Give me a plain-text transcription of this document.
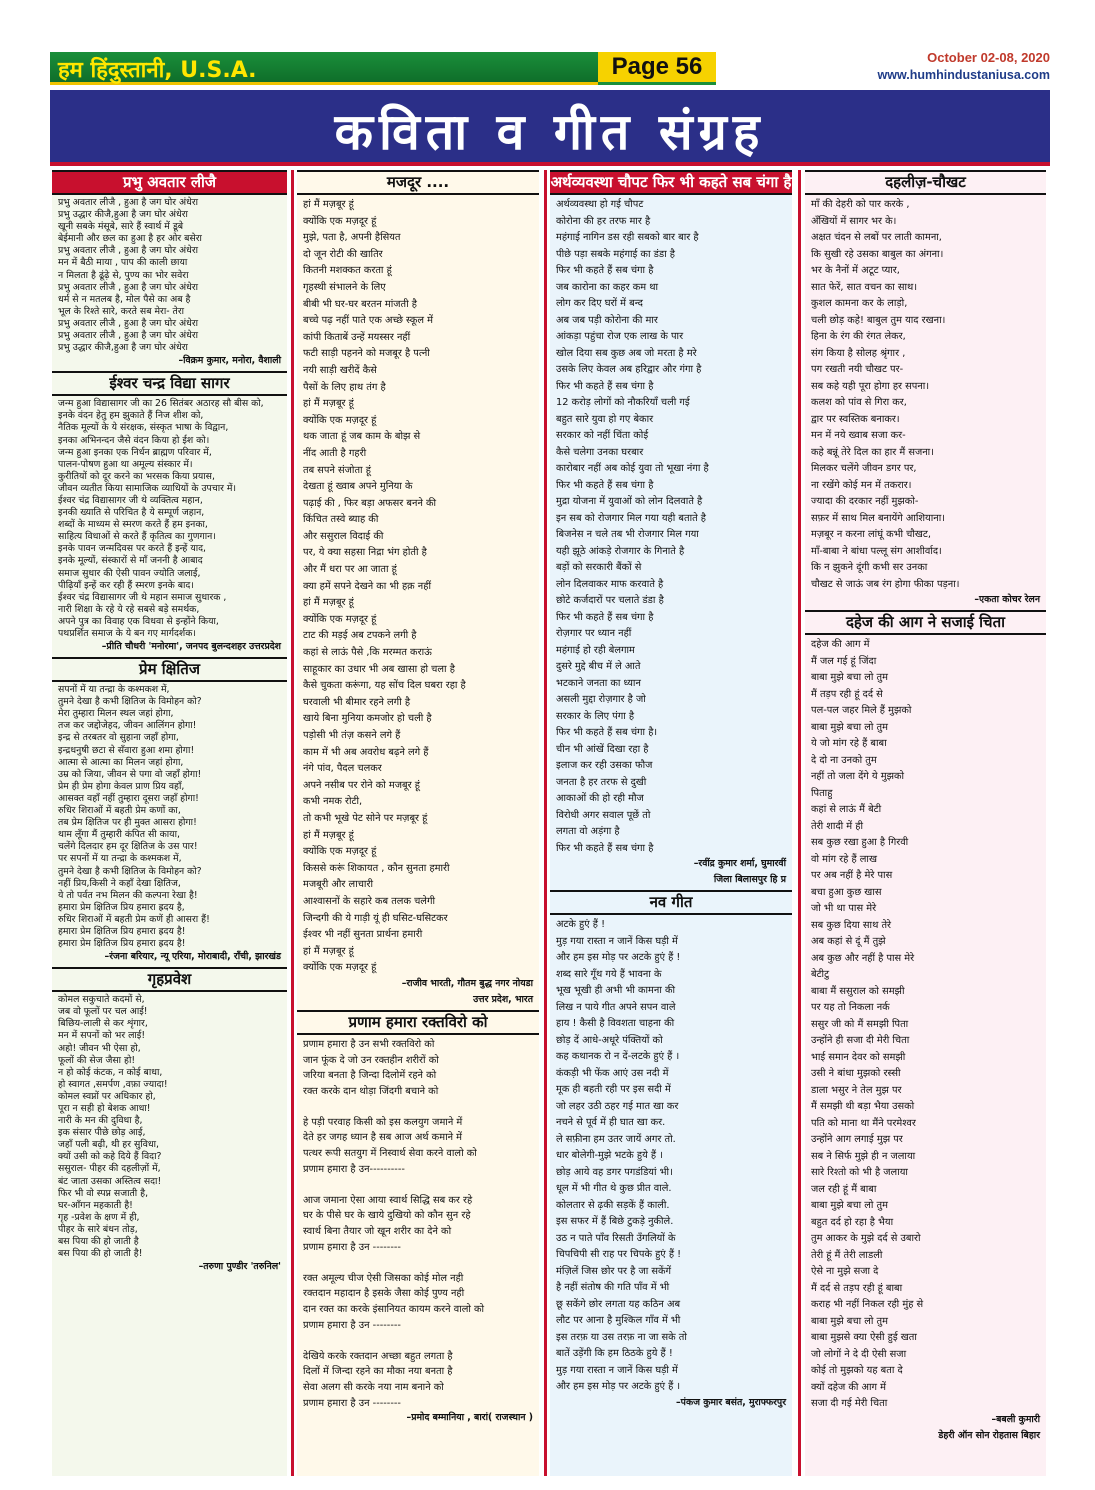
हम हिंदुस्तानी, U.S.A.	Page 56	October 02-08, 2020
www.humhindustaniusa.com
कविता व गीत संग्रह
प्रभु अवतार लीजै
प्रभु अवतार लीजै , हुआ है जग घोर अंधेरा
प्रभु उद्धार कीजै,हुआ है जग घोर अंधेरा
खूनी सबके मंसूबे, सारे हैं स्वार्थ में डूबे
बेईमानी और छल का हुआ है हर ओर बसेरा
प्रभु अवतार लीजै , हुआ है जग घोर अंधेरा
मन में बैठी माया , पाप की काली छाया
न मिलता है ढूंढ़े से, पुण्य का भोर सवेरा
प्रभु अवतार लीजै , हुआ है जग घोर अंधेरा
धर्म से न मतलब है, मोल पैसे का अब है
भूल के रिश्ते सारे, करते सब मेरा- तेरा
प्रभु अवतार लीजै , हुआ है जग घोर अंधेरा
प्रभु अवतार लीजै , हुआ है जग घोर अंधेरा
प्रभु उद्धार कीजै,हुआ है जग घोर अंधेरा
–विक्रम कुमार, मनोरा, वैशाली
ईश्वर चन्द्र विद्या सागर
जन्म हुआ विद्यासागर जी का 26 सितंबर अठारह सौ बीस को,
इनके वंदन हेतु हम झुकाते हैं निज शीश को,
नैतिक मूल्यों के ये संरक्षक, संस्कृत भाषा के विद्वान,
इनका अभिनन्दन जैसे वंदन किया हो ईश को।
जन्म हुआ इनका एक निर्धन ब्राह्मण परिवार में,
पालन-पोषण हुआ था अमूल्य संस्कार में।
कुरीतियों को दूर करने का भरसक किया प्रयास,
जीवन व्यतीत किया सामाजिक व्याधियों के उपचार में।
ईश्वर चंद्र विद्यासागर जी थे व्यक्तित्व महान,
इनकी ख्याति से परिचित है ये सम्पूर्ण जहान,
शब्दों के माध्यम से स्मरण करते हैं हम इनका,
साहित्य विधाओं से करते हैं कृतित्व का गुणगान।
इनके पावन जन्मदिवस पर करते हैं इन्हें याद,
इनके मूल्यों, संस्कारों से माँ जननी है आबाद
समाज सुधार की ऐसी पावन ज्योति जलाई,
पीढ़ियाँ इन्हें कर रही हैं स्मरण इनके बाद।
ईश्वर चंद्र विद्यासागर जी थे महान समाज सुधारक ,
नारी शिक्षा के रहे ये रहे सबसे बड़े समर्थक,
अपने पुत्र का विवाह एक विधवा से इन्होंने किया,
पथप्रर्शित समाज के ये बन गए मार्गदर्शक।
–प्रीति चौधरी 'मनोरमा', जनपद बुलन्दशहर उत्तरप्रदेश
प्रेम क्षितिज
सपनों में या तन्द्रा के कश्मकश में,
तुमने देखा है कभी क्षितिज के विमोहन को?
मेरा तुम्हारा मिलन स्थल जहां होगा,
तज कर जद्दोजेहद, जीवन आलिंगन होगा!
इन्द्र से तरबतर वो सुहाना जहाँ होगा,
इन्द्रधनुषी छटा से सँवारा हुआ शमा होगा!
आत्मा से आत्मा का मिलन जहां होगा,
उम्र को जिया, जीवन से पगा वो जहाँ होगा!
प्रेम ही प्रेम होगा केवल प्राण प्रिय वहाँ,
आसक्त वहाँ नहीं तुम्हारा दूसरा जहाँ होगा!
रुधिर शिराओं में बहती प्रेम कणों का,
तब प्रेम क्षितिज पर ही मुक्त आसरा होगा!
थाम लूँगा मैं तुम्हारी कंपित सी काया,
चलेंगे दिलदार हम दूर क्षितिज के उस पार!
पर सपनों में या तन्द्रा के कश्मकश में,
तुमने देखा है कभी क्षितिज के विमोहन को?
नहीं प्रिय,किसी ने कहाँ देखा क्षितिज,
ये तो पर्वत नभ मिलन की कल्पना रेखा है!
हमारा प्रेम क्षितिज प्रिय हमारा ह्रदय है,
रुधिर शिराओं में बहती प्रेम कणें ही आसरा हैं!
हमारा प्रेम क्षितिज प्रिय हमारा ह्रदय है!
हमारा प्रेम क्षितिज प्रिय हमारा ह्रदय है!
–रंजना बरियार, न्यू एरिया, मोराबादी, राँची, झारखंड
गृहप्रवेश
कोमल सकुचाते कदमों से,
जब वो फूलों पर चल आई!
बिछिय-लाली से कर शृंगार,
मन में सपनों को भर लाई!
अहो! जीवन भी ऐसा हो,
फूलों की सेज जैसा हो!
न हो कोई कंटक, न कोई बाधा,
हो स्वागत ,समर्पण ,वफ़ा ज्यादा!
कोमल स्वप्नों पर अधिकार हो,
पूरा न सही हो बेशक आधा!
नारी के मन की दुविधा है,
इक संसार पीछे छोड़ आई,
जहाँ पली बढ़ी, थी हर सुविधा,
क्यों उसी को कहे दिये हैं विदा?
ससुराल- पीहर की दहलीज़ों में,
बंट जाता उसका अस्तित्व सदा!
फिर भी वो स्पप्न सजाती है,
घर-आँगन महकाती है!
गृह -प्रवेश के क्षण में ही,
पीहर के सारे बंधन तोड़,
बस पिया की हो जाती है
बस पिया की हो जाती है!
–तरुणा पुण्डीर 'तरुनिल'
मजदूर ....
हां मैं मज़बूर हूं
क्योंकि एक मज़दूर हूं
मुझे, पता है, अपनी हैसियत
दो जून रोटी की खातिर
कितनी मशक्कत करता हूं
गृहस्थी संभालने के लिए
बीबी भी घर-घर बरतन मांजती है
बच्चे पढ़ नहीं पाते एक अच्छे स्कूल में
कांपी किताबें उन्हें मयस्सर नहीं
फटी साड़ी पहनने को मजबूर है पत्नी
नयी साड़ी खरीदें कैसे
पैसों के लिए हाथ तंग है
हां मैं मज़बूर हूं
क्योंकि एक मज़दूर हूं
थक जाता हूं जब काम के बोझ से
नींद आती है गहरी
तब सपने संजोता हूं
देखता हूं ख्वाब अपने मुनिया के
पढ़ाई की , फिर बड़ा अफसर बनने की
किंचित तस्वे ब्याह की
और ससुराल विदाई की
पर, ये क्या सहसा निद्रा भंग होती है
और मैं धरा पर आ जाता हूं
क्या हमें सपने देखने का भी हक़ नहीं
हां मैं मज़बूर हूं
क्योंकि एक मज़दूर हूं
टाट की मड़ई अब टपकने लगी है
कहां से लाऊं पैसे ,कि मरम्मत कराऊं
साहूकार का उधार भी अब खासा हो चला है
कैसे चुकता करूंगा, यह सोंच दिल घबरा रहा है
घरवाली भी बीमार रहने लगी है
खाये बिना मुनिया कमजोर हो चली है
पड़ोसी भी तंज़ कसने लगे हैं
काम में भी अब अवरोध बढ़ने लगे हैं
नंगे पांव, पैदल चलकर
अपने नसीब पर रोने को मजबूर हूं
कभी नमक रोटी,
तो कभी भूखे पेट सोने पर मज़बूर हूं
हां मैं मज़बूर हूं
क्योंकि एक मज़दूर हूं
किससे करूं शिकायत , कौन सुनता हमारी
मजबूरी और लाचारी
आश्वासनों के सहारे कब तलक चलेगी
जिन्दगी की ये गाड़ी यूं ही घसिट-घसिटकर
ईश्वर भी नहीं सुनता प्रार्थना हमारी
हां मैं मज़बूर हूं
क्योंकि एक मज़दूर हूं
–राजीव भारती, गौतम बुद्ध नगर नोयडा
उत्तर प्रदेश, भारत
प्रणाम हमारा रक्तविरो को
प्रणाम हमारा है उन सभी रक्तविरो को
जान फूंक दे जो उन रक्तहीन शरीरों को
जरिया बनता है जिन्दा दिलोमें रहने को
रक्त करके दान थोड़ा जिंदगी बचाने को

हे पड़ी परवाह किसी को इस कलयुग जमाने में
देते हर जगह ध्यान है सब आज अर्थ कमाने में
पत्थर रूपी सतयुग में निस्वार्थ सेवा करने वालो को
प्रणाम हमारा है उन----------

आज जमाना ऐसा आया स्वार्थ सिद्धि सब कर रहे
घर के पीसे घर के खाये दुखियो को कौन सुन रहे
स्वार्थ बिना तैयार जो खून शरीर का देने को
प्रणाम हमारा है उन --------

रक्त अमूल्य चीज ऐसी जिसका कोई मोल नही
रक्तदान महादान है इसके जैसा कोई पुण्य नही
दान रक्त का करके इंसानियत कायम करने वालो को
प्रणाम हमारा है उन --------

देखिये करके रक्तदान अच्छा बहुत लगता है
दिलों में जिन्दा रहने का मौका नया बनता है
सेवा अलग सी करके नया नाम बनाने को
प्रणाम हमारा है उन --------
–प्रमोद बम्मानिया , बारां( राजस्थान )
अर्थव्यवस्था चौपट फिर भी कहते सब चंगा है
अर्थव्यवस्था हो गई चौपट
कोरोना की हर तरफ मार है
महंगाई नागिन डस रही सबको बार बार है
पीछे पड़ा सबके महंगाई का डंडा है
फिर भी कहते हैं सब चंगा है
जब कारोना का कहर कम था
लोग कर दिए घरों में बन्द
अब जब पड़ी कोरोना की मार
आंकड़ा पहुंचा रोज एक लाख के पार
खोल दिया सब कुछ अब जो मरता है मरे
उसके लिए केवल अब हरिद्वार और गंगा है
फिर भी कहते हैं सब चंगा है
12 करोड़ लोगों को नौकरियाँ चली गई
बहुत सारे युवा हो गए बेकार
सरकार को नहीं चिंता कोई
कैसे चलेगा उनका घरबार
कारोबार नहीं अब कोई युवा तो भूखा नंगा है
फिर भी कहते हैं सब चंगा है
मुद्रा योजना में युवाओं को लोन दिलवाते है
इन सब को रोजगार मिल गया यही बताते है
बिजनेस न चले तब भी रोजगार मिल गया
यही झूठे आंकड़े रोजगार के गिनाते है
बड़ों को सरकारी बैंकों से
लोन दिलवाकर माफ करवाते है
छोटे कर्जदारों पर चलाते डंडा है
फिर भी कहते हैं सब चंगा है
रोज़गार पर ध्यान नहीं
महंगाई हो रही बेलगाम
दुसरे मुद्दे बीच में ले आते
भटकाने जनता का ध्यान
असली मुद्दा रोज़गार है जो
सरकार के लिए पंगा है
फिर भी कहते हैं सब चंगा है।
चीन भी आंखें दिखा रहा है
इलाज कर रही उसका फौज
जनता है हर तरफ से दुखी
आकाओं की हो रही मौज
विरोधी अगर सवाल पूछें तो
लगता वो अड़ंगा है
फिर भी कहते हैं सब चंगा है
–रवींद्र कुमार शर्मा, घुमारवीं
जिला बिलासपुर हि प्र
नव गीत
अटके हुएं हैं !
मुड़ गया रास्ता न जानें किस घड़ी में
और हम इस मोड़ पर अटके हुएं हैं !
शब्द सारे गूँथ गये हैं भावना के
भूख भूखी ही अभी भी कामना की
लिख न पाये गीत अपने सपन वाले
हाय ! कैसी है विवशता चाहना की
छोड़ दें आधे-अधूरे पंक्तियों को
कह कथानक रो न दें-लटके हुएं हैं ।
कंकड़ी भी फेंक आएं उस नदी में
मूक ही बहती रही पर इस सदी में
जो लहर उठी ठहर गई मात खा कर
नचने से पूर्व में ही घात खा कर.
ले सफ़ीना हम उतर जायें अगर तो.
धार बोलेगी-मुझे भटके हुये हैं ।
छोड़ आये वह डगर पगडंडियां भी।
धूल में भी गीत थे कुछ प्रीत वाले.
कोलतार से ढ़की सड़कें हैं काली.
इस सफर में हैं बिछे टुकड़े नुकीले.
उठ न पाते पाँव रिसती उँगलियों के
चिपचिपी सी राह पर चिपके हुएं हैं !
मंज़िलें जिस छोर पर है जा सकेंगें
है नहीं संतोष की गति पाँव में भी
छू सकेंगे छोर लगता यह कठिन अब
लौट पर आना है मुश्किल गाँव में भी
इस तरफ़ या उस तरफ़ ना जा सके तो
बातें उड़ेंगी कि हम ठिठके हुये हैं !
मुड़ गया रास्ता न जानें किस घड़ी में
और हम इस मोड़ पर अटके हुएं हैं ।
–पंकज कुमार बसंत, मुराफ्फरपुर
दहलीज़-चौखट
माँ की देहरी को पार करके ,
अँखियों में सागर भर के।
अक्षत चंदन से लबों पर लाती कामना,
कि सुखी रहे उसका बाबुल का अंगना।
भर के नैनों में अटूट प्यार,
सात फेरें, सात वचन का साथ।
कुशल कामना कर के लाड़ो,
चली छोड़ कहे! बाबुल तुम याद रखना।
हिना के रंग की रंगत लेकर,
संग किया है सोलह श्रृंगार ,
पग रखती नयी चौखट पर-
सब कहे यही पूरा होगा हर सपना।
कलश को पांव से गिरा कर,
द्वार पर स्वस्तिक बनाकर।
मन में नये ख्वाब सजा कर-
कहे बन्नूं तेरे दिल का हार मैं सजना।
मिलकर चलेंगे जीवन डगर पर,
ना रखेंगे कोई मन में तकरार।
ज्यादा की दरकार नहीं मुझको-
सफ़र में साथ मिल बनायेंगे आशियाना।
मज़बूर न करना लांघूं कभी चौखट,
माँ-बाबा ने बांधा पल्लू संग आशीर्वाद।
कि न झुकने दूंगी कभी सर उनका
चौखट से जाऊं जब रंग होगा फीका पड़ना।
–एकता कोचर रेलन
दहेज की आग ने सजाई चिता
दहेज की आग में
मैं जल गई हूं जिंदा
बाबा मुझे बचा लो तुम
मैं तड़प रही हूं दर्द से
पल-पल जहर मिले हैं मुझको
बाबा मुझे बचा लो तुम
ये जो मांग रहे हैं बाबा
दे दो ना उनको तुम
नहीं तो जला देंगे ये मुझको
पिताहु
कहां से लाऊं मैं बेटी
तेरी शादी में ही
सब कुछ रखा हुआ है गिरवी
वो मांग रहे हैं लाख
पर अब नहीं है मेरे पास
बचा हुआ कुछ खास
जो भी था पास मेरे
सब कुछ दिया साथ तेरे
अब कहां से दूं मैं तुझे
अब कुछ और नहीं है पास मेरे
बेटीटु
बाबा मैं ससुराल को समझी
पर यह तो निकला नर्क
ससुर जी को मैं समझी पिता
उन्होंने ही सजा दी मेरी चिता
भाई समान देवर को समझी
उसी ने बांधा मुझको रस्सी
डाला भसुर ने तेल मुझ पर
मैं समझी थी बड़ा भैया उसको
पति को माना था मैंने परमेश्वर
उन्होंने आग लगाई मुझ पर
सब ने सिर्फ मुझे ही न जलाया
सारे रिश्तो को भी है जलाया
जल रही हूं मैं बाबा
बाबा मुझे बचा लो तुम
बहुत दर्द हो रहा है भैया
तुम आकर के मुझे दर्द से उबारो
तेरी हूं मैं तेरी लाडली
ऐसे ना मुझे सजा दे
मैं दर्द से तड़प रही हूं बाबा
कराह भी नहीं निकल रही मुंह से
बाबा मुझे बचा लो तुम
बाबा मुझसे क्या ऐसी हुई खता
जो लोगों ने दे दी ऐसी सजा
कोई तो मुझको यह बता दे
क्यों दहेज की आग में
सजा दी गई मेरी चिता
–बबली कुमारी
डेहरी ऑन सोन रोहतास बिहार
